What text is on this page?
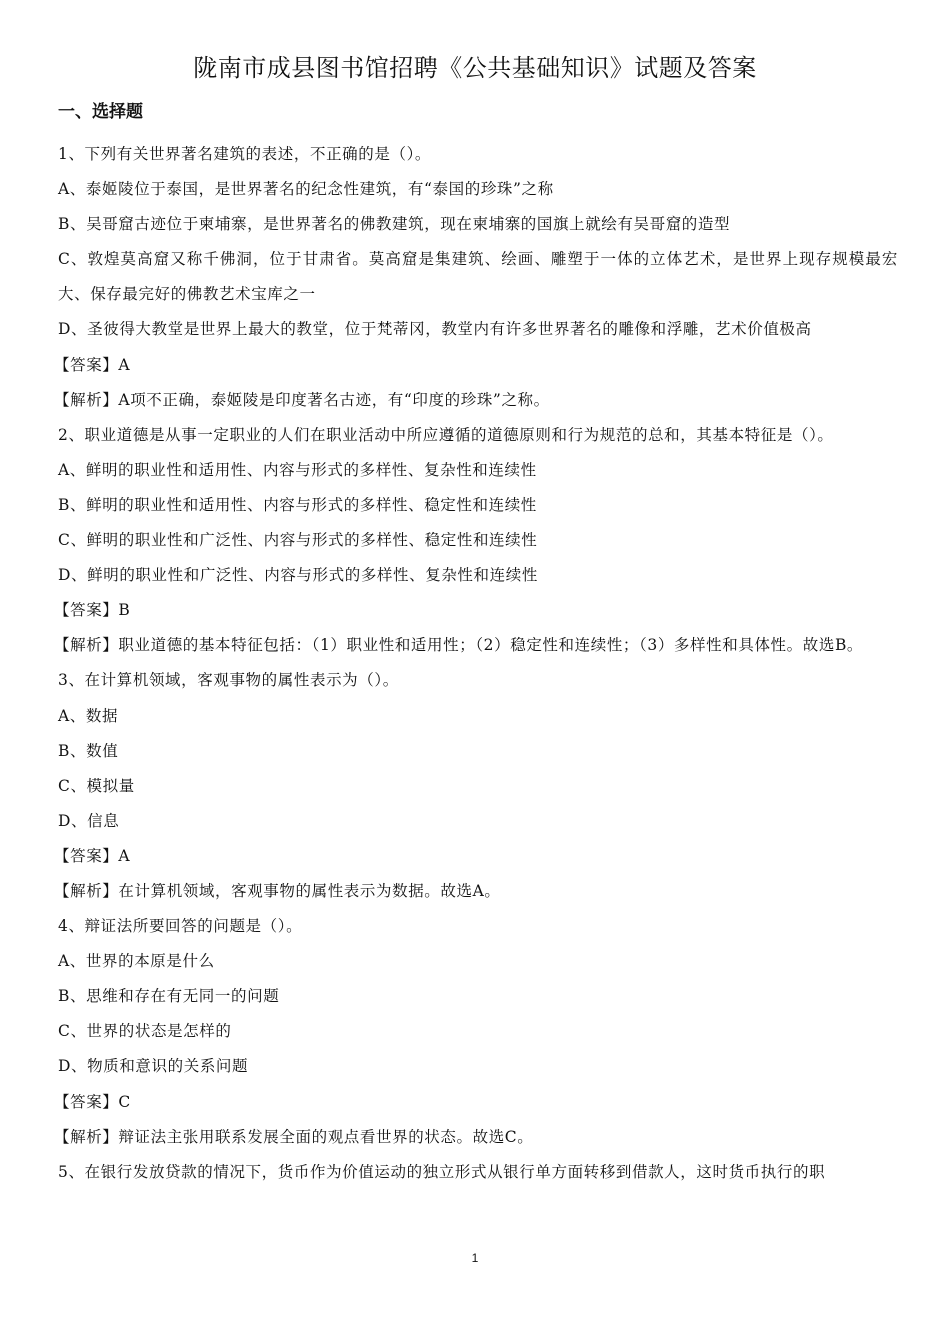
陇南市成县图书馆招聘《公共基础知识》试题及答案
一、选择题
1、下列有关世界著名建筑的表述，不正确的是（）。
A、泰姬陵位于泰国，是世界著名的纪念性建筑，有“泰国的珍珠”之称
B、吴哥窟古迹位于柬埔寨，是世界著名的佛教建筑，现在柬埔寨的国旗上就绘有吴哥窟的造型
C、敦煌莫高窟又称千佛洞，位于甘肃省。莫高窟是集建筑、绘画、雕塑于一体的立体艺术，是世界上现存规模最宏大、保存最完好的佛教艺术宝库之一
D、圣彼得大教堂是世界上最大的教堂，位于梵蒂冈，教堂内有许多世界著名的雕像和浮雕，艺术价值极高
【答案】A
【解析】A项不正确，泰姬陵是印度著名古迹，有“印度的珍珠”之称。
2、职业道德是从事一定职业的人们在职业活动中所应遵循的道德原则和行为规范的总和，其基本特征是（）。
A、鲜明的职业性和适用性、内容与形式的多样性、复杂性和连续性
B、鲜明的职业性和适用性、内容与形式的多样性、稳定性和连续性
C、鲜明的职业性和广泛性、内容与形式的多样性、稳定性和连续性
D、鲜明的职业性和广泛性、内容与形式的多样性、复杂性和连续性
【答案】B
【解析】职业道德的基本特征包括：（1）职业性和适用性；（2）稳定性和连续性；（3）多样性和具体性。故选B。
3、在计算机领域，客观事物的属性表示为（）。
A、数据
B、数值
C、模拟量
D、信息
【答案】A
【解析】在计算机领域，客观事物的属性表示为数据。故选A。
4、辩证法所要回答的问题是（）。
A、世界的本原是什么
B、思维和存在有无同一的问题
C、世界的状态是怎样的
D、物质和意识的关系问题
【答案】C
【解析】辩证法主张用联系发展全面的观点看世界的状态。故选C。
5、在银行发放贷款的情况下，货币作为价值运动的独立形式从银行单方面转移到借款人，这时货币执行的职
1
